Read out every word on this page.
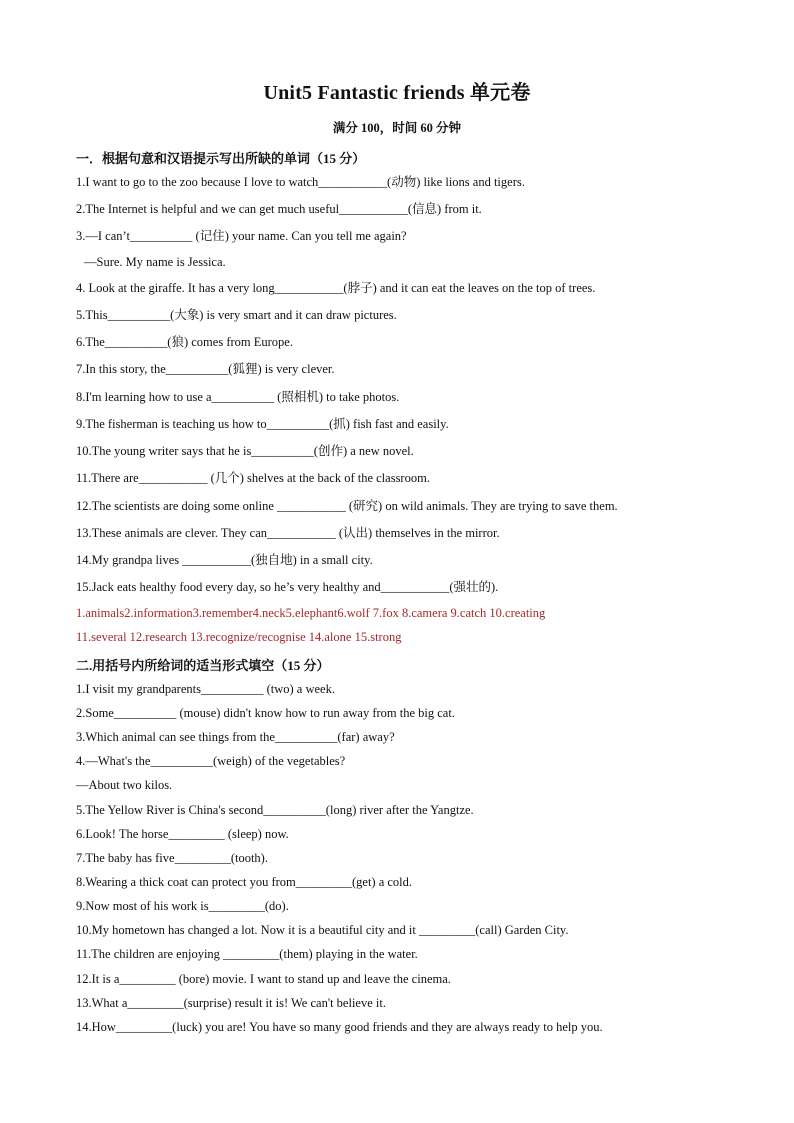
Unit5 Fantastic friends 单元卷
满分 100，时间 60 分钟
一．根据句意和汉语提示写出所缺的单词（15 分）
1.I want to go to the zoo because I love to watch___________(动物) like lions and tigers.
2.The Internet is helpful and we can get much useful___________(信息) from it.
3.—I can’t__________ (记住) your name. Can you tell me again?
—Sure. My name is Jessica.
4. Look at the giraffe. It has a very long___________(脖子) and it can eat the leaves on the top of trees.
5.This__________(大象) is very smart and it can draw pictures.
6.The__________(狼) comes from Europe.
7.In this story, the__________(狐狸) is very clever.
8.I'm learning how to use a__________ (照相机) to take photos.
9.The fisherman is teaching us how to__________(抓) fish fast and easily.
10.The young writer says that he is__________(创作) a new novel.
11.There are___________ (几个) shelves at the back of the classroom.
12.The scientists are doing some online ___________ (研究) on wild animals. They are trying to save them.
13.These animals are clever. They can___________ (认出) themselves in the mirror.
14.My grandpa lives ___________(独自地) in a small city.
15.Jack eats healthy food every day, so he’s very healthy and___________(强壮的).
1.animals2.information3.remember4.neck5.elephant6.wolf 7.fox 8.camera 9.catch 10.creating
11.several 12.research 13.recognize/recognise 14.alone 15.strong
二.用括号内所给词的适当形式填空（15 分）
1.I visit my grandparents__________ (two) a week.
2.Some__________ (mouse) didn't know how to run away from the big cat.
3.Which animal can see things from the__________(far) away?
4.—What's the__________(weigh) of the vegetables?
—About two kilos.
5.The Yellow River is China's second__________(long) river after the Yangtze.
6.Look! The horse_________ (sleep) now.
7.The baby has five_________(tooth).
8.Wearing a thick coat can protect you from_________(get) a cold.
9.Now most of his work is_________(do).
10.My hometown has changed a lot. Now it is a beautiful city and it _________(call) Garden City.
11.The children are enjoying _________(them) playing in the water.
12.It is a_________ (bore) movie. I want to stand up and leave the cinema.
13.What a_________(surprise) result it is! We can't believe it.
14.How_________(luck) you are! You have so many good friends and they are always ready to help you.
